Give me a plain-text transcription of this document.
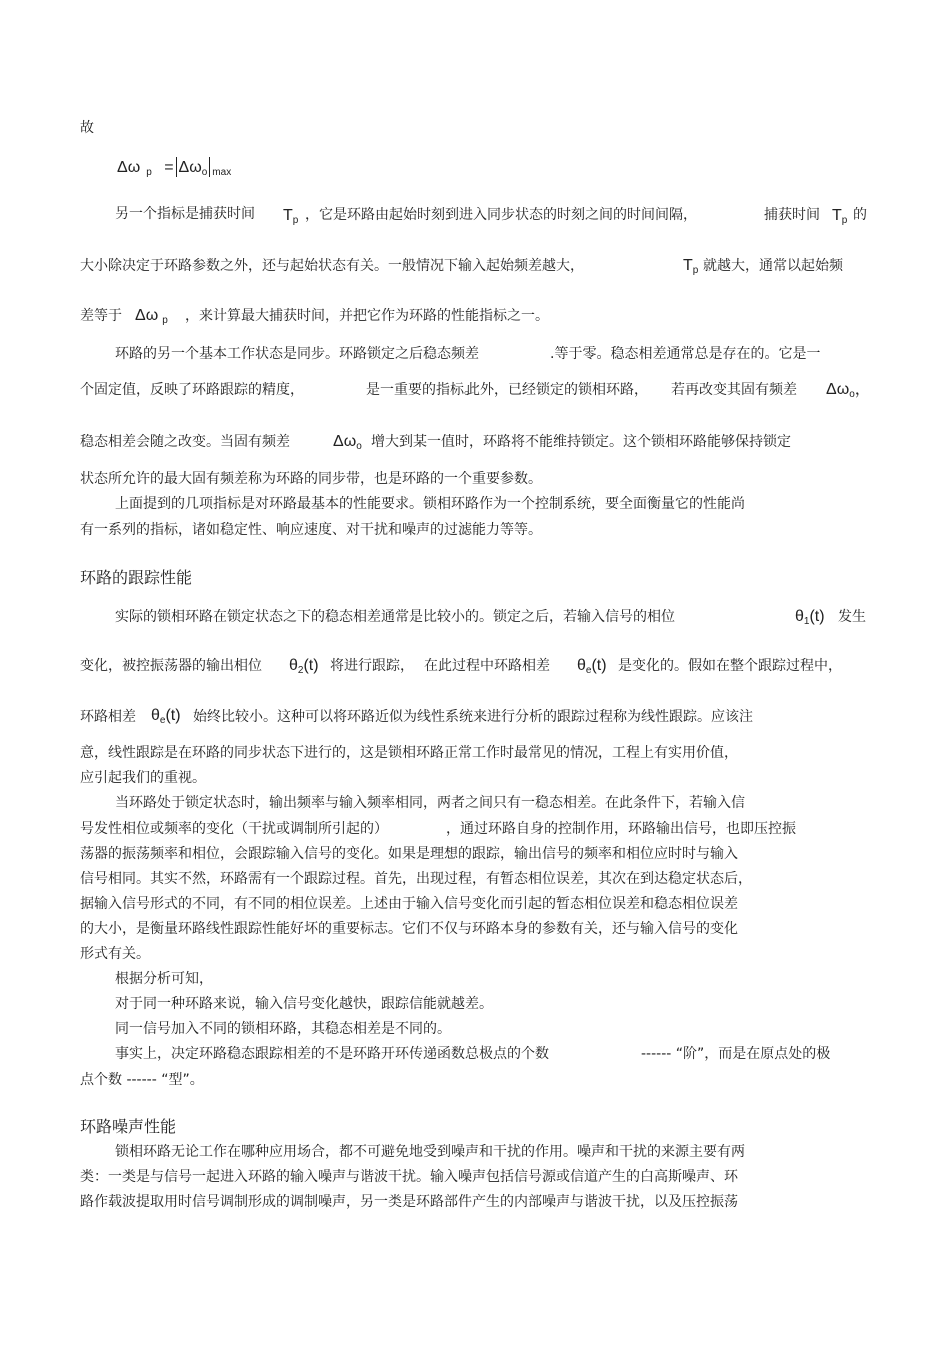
故
Δω $_p = \Delta\omega_o$ $_{max}$
另一个指标是捕获时间 $T_p$ ，它是环路由起始时刻到进入同步状态的时刻之间的时间间隔，	捕获时间 $T_p$ 的
大小除决定于环路参数之外，还与起始状态有关。一般情况下输入起始频差越大，	$T_p$ 就越大，通常以起始频
差等于 Δω $_p$ ，来计算最大捕获时间，并把它作为环路的性能指标之一。
环路的另一个基本工作状态是同步。环路锁定之后稳态频差	.等于零。稳态相差通常总是存在的。它是一
个固定值，反映了环路跟踪的精度，	是一重要的指标。
此外，已经锁定的锁相环路， 若再改变其固有频差 $\Delta\omega_o$，
稳态相差会随之改变。当固有频差	$\Delta\omega_o$ 增大到某一值时，环路将不能维持锁定。这个锁相环路能够保持锁定
状态所允许的最大固有频差称为环路的同步带，也是环路的一个重要参数。
上面提到的几项指标是对环路最基本的性能要求。锁相环路作为一个控制系统，要全面衡量它的性能尚
有一系列的指标，诸如稳定性、响应速度、对干扰和噪声的过滤能力等等。
环路的跟踪性能
实际的锁相环路在锁定状态之下的稳态相差通常是比较小的。锁定之后，若输入信号的相位	$\theta_1(t)$ 发生
变化，被控振荡器的输出相位 $\theta_2(t)$ 将进行跟踪， 在此过程中环路相差 $\theta_e(t)$ 是变化的。假如在整个跟踪过程中，
环路相差 $\theta_e(t)$ 始终比较小。这种可以将环路近似为线性系统来进行分析的跟踪过程称为线性跟踪。应该注
意，线性跟踪是在环路的同步状态下进行的，这是锁相环路正常工作时最常见的情况，工程上有实用价值，
应引起我们的重视。
当环路处于锁定状态时，输出频率与输入频率相同，两者之间只有一稳态相差。在此条件下，若输入信
号发性相位或频率的变化（干扰或调制所引起的）	，通过环路自身的控制作用，环路输出信号，也即压控振
荡器的振荡频率和相位，会跟踪输入信号的变化。如果是理想的跟踪，输出信号的频率和相位应时时与输入
信号相同。其实不然，环路需有一个跟踪过程。首先，出现过程，有暂态相位误差，其次在到达稳定状态后，
据输入信号形式的不同，有不同的相位误差。上述由于输入信号变化而引起的暂态相位误差和稳态相位误差
的大小，是衡量环路线性跟踪性能好坏的重要标志。它们不仅与环路本身的参数有关，还与输入信号的变化
形式有关。
根据分析可知，
对于同一种环路来说，输入信号变化越快，跟踪信能就越差。
同一信号加入不同的锁相环路，其稳态相差是不同的。
事实上，决定环路稳态跟踪相差的不是环路开环传递函数总极点的个数	------ “阶”，而是在原点处的极
点个数 ------ “型”。
环路噪声性能
锁相环路无论工作在哪种应用场合，都不可避免地受到噪声和干扰的作用。噪声和干扰的来源主要有两
类：一类是与信号一起进入环路的输入噪声与谐波干扰。输入噪声包括信号源或信道产生的白高斯噪声、环
路作载波提取用时信号调制形成的调制噪声，另一类是环路部件产生的内部噪声与谐波干扰，以及压控振荡
